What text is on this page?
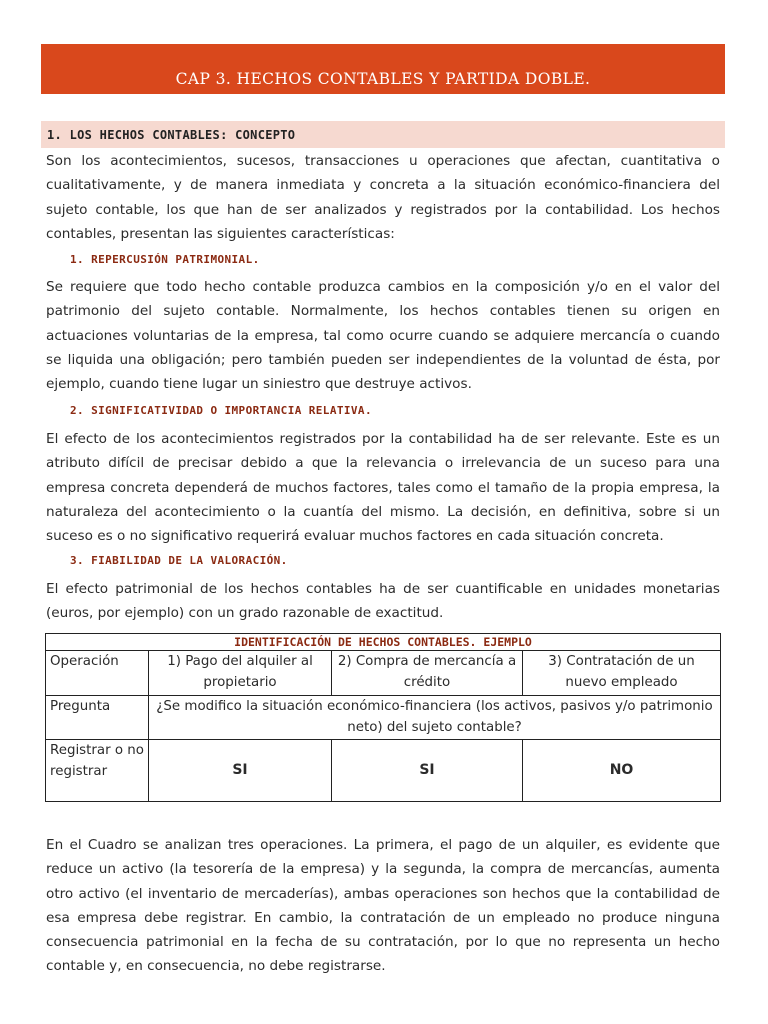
CAP 3. HECHOS CONTABLES Y PARTIDA DOBLE.
1. LOS HECHOS CONTABLES: CONCEPTO
Son los acontecimientos, sucesos, transacciones u operaciones que afectan, cuantitativa o cualitativamente, y de manera inmediata y concreta a la situación económico-financiera del sujeto contable, los que han de ser analizados y registrados por la contabilidad. Los hechos contables, presentan las siguientes características:
1. REPERCUSIÓN PATRIMONIAL.
Se requiere que todo hecho contable produzca cambios en la composición y/o en el valor del patrimonio del sujeto contable. Normalmente, los hechos contables tienen su origen en actuaciones voluntarias de la empresa, tal como ocurre cuando se adquiere mercancía o cuando se liquida una obligación; pero también pueden ser independientes de la voluntad de ésta, por ejemplo, cuando tiene lugar un siniestro que destruye activos.
2. SIGNIFICATIVIDAD O IMPORTANCIA RELATIVA.
El efecto de los acontecimientos registrados por la contabilidad ha de ser relevante. Este es un atributo difícil de precisar debido a que la relevancia o irrelevancia de un suceso para una empresa concreta dependerá de muchos factores, tales como el tamaño de la propia empresa, la naturaleza del acontecimiento o la cuantía del mismo. La decisión, en definitiva, sobre si un suceso es o no significativo requerirá evaluar muchos factores en cada situación concreta.
3. FIABILIDAD DE LA VALORACIÓN.
El efecto patrimonial de los hechos contables ha de ser cuantificable en unidades monetarias (euros, por ejemplo) con un grado razonable de exactitud.
IDENTIFICACIÓN DE HECHOS CONTABLES. EJEMPLO			
Operación	1) Pago del alquiler al propietario	2) Compra de mercancía a crédito	3) Contratación de un nuevo empleado
Pregunta	¿Se modifico la situación económico-financiera (los activos, pasivos y/o patrimonio neto) del sujeto contable?		
Registrar o no registrar	SI	SI	NO
En el Cuadro se analizan tres operaciones. La primera, el pago de un alquiler, es evidente que reduce un activo (la tesorería de la empresa) y la segunda, la compra de mercancías, aumenta otro activo (el inventario de mercaderías), ambas operaciones son hechos que la contabilidad de esa empresa debe registrar. En cambio, la contratación de un empleado no produce ninguna consecuencia patrimonial en la fecha de su contratación, por lo que no representa un hecho contable y, en consecuencia, no debe registrarse.
